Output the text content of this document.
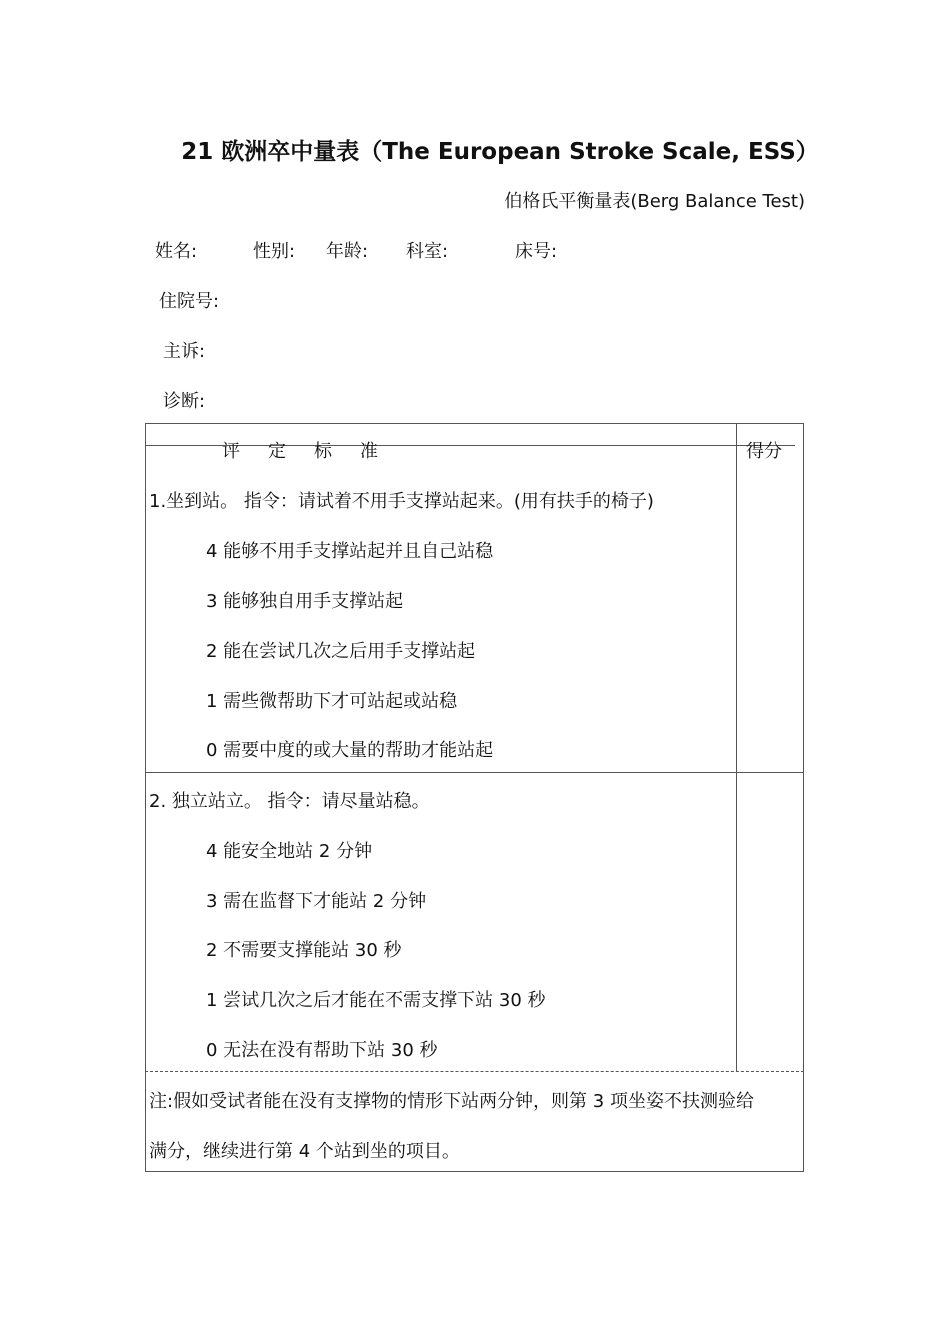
21 欧洲卒中量表（The European Stroke Scale, ESS）
伯格氏平衡量表(Berg Balance Test)
姓名:	性别: 年龄: 科室:	床号:
住院号:
主诉:
诊断:
评定标准	得分
1.坐到站。 指令：请试着不用手支撑站起来。(用有扶手的椅子)
4 能够不用手支撑站起并且自己站稳
3 能够独自用手支撑站起
2 能在尝试几次之后用手支撑站起
1 需些微帮助下才可站起或站稳
0 需要中度的或大量的帮助才能站起
2. 独立站立。 指令：请尽量站稳。
4 能安全地站 2 分钟
3 需在监督下才能站 2 分钟
2 不需要支撑能站 30 秒
1 尝试几次之后才能在不需支撑下站 30 秒
0 无法在没有帮助下站 30 秒
注:假如受试者能在没有支撑物的情形下站两分钟，则第 3 项坐姿不扶测验给
满分，继续进行第 4 个站到坐的项目。
